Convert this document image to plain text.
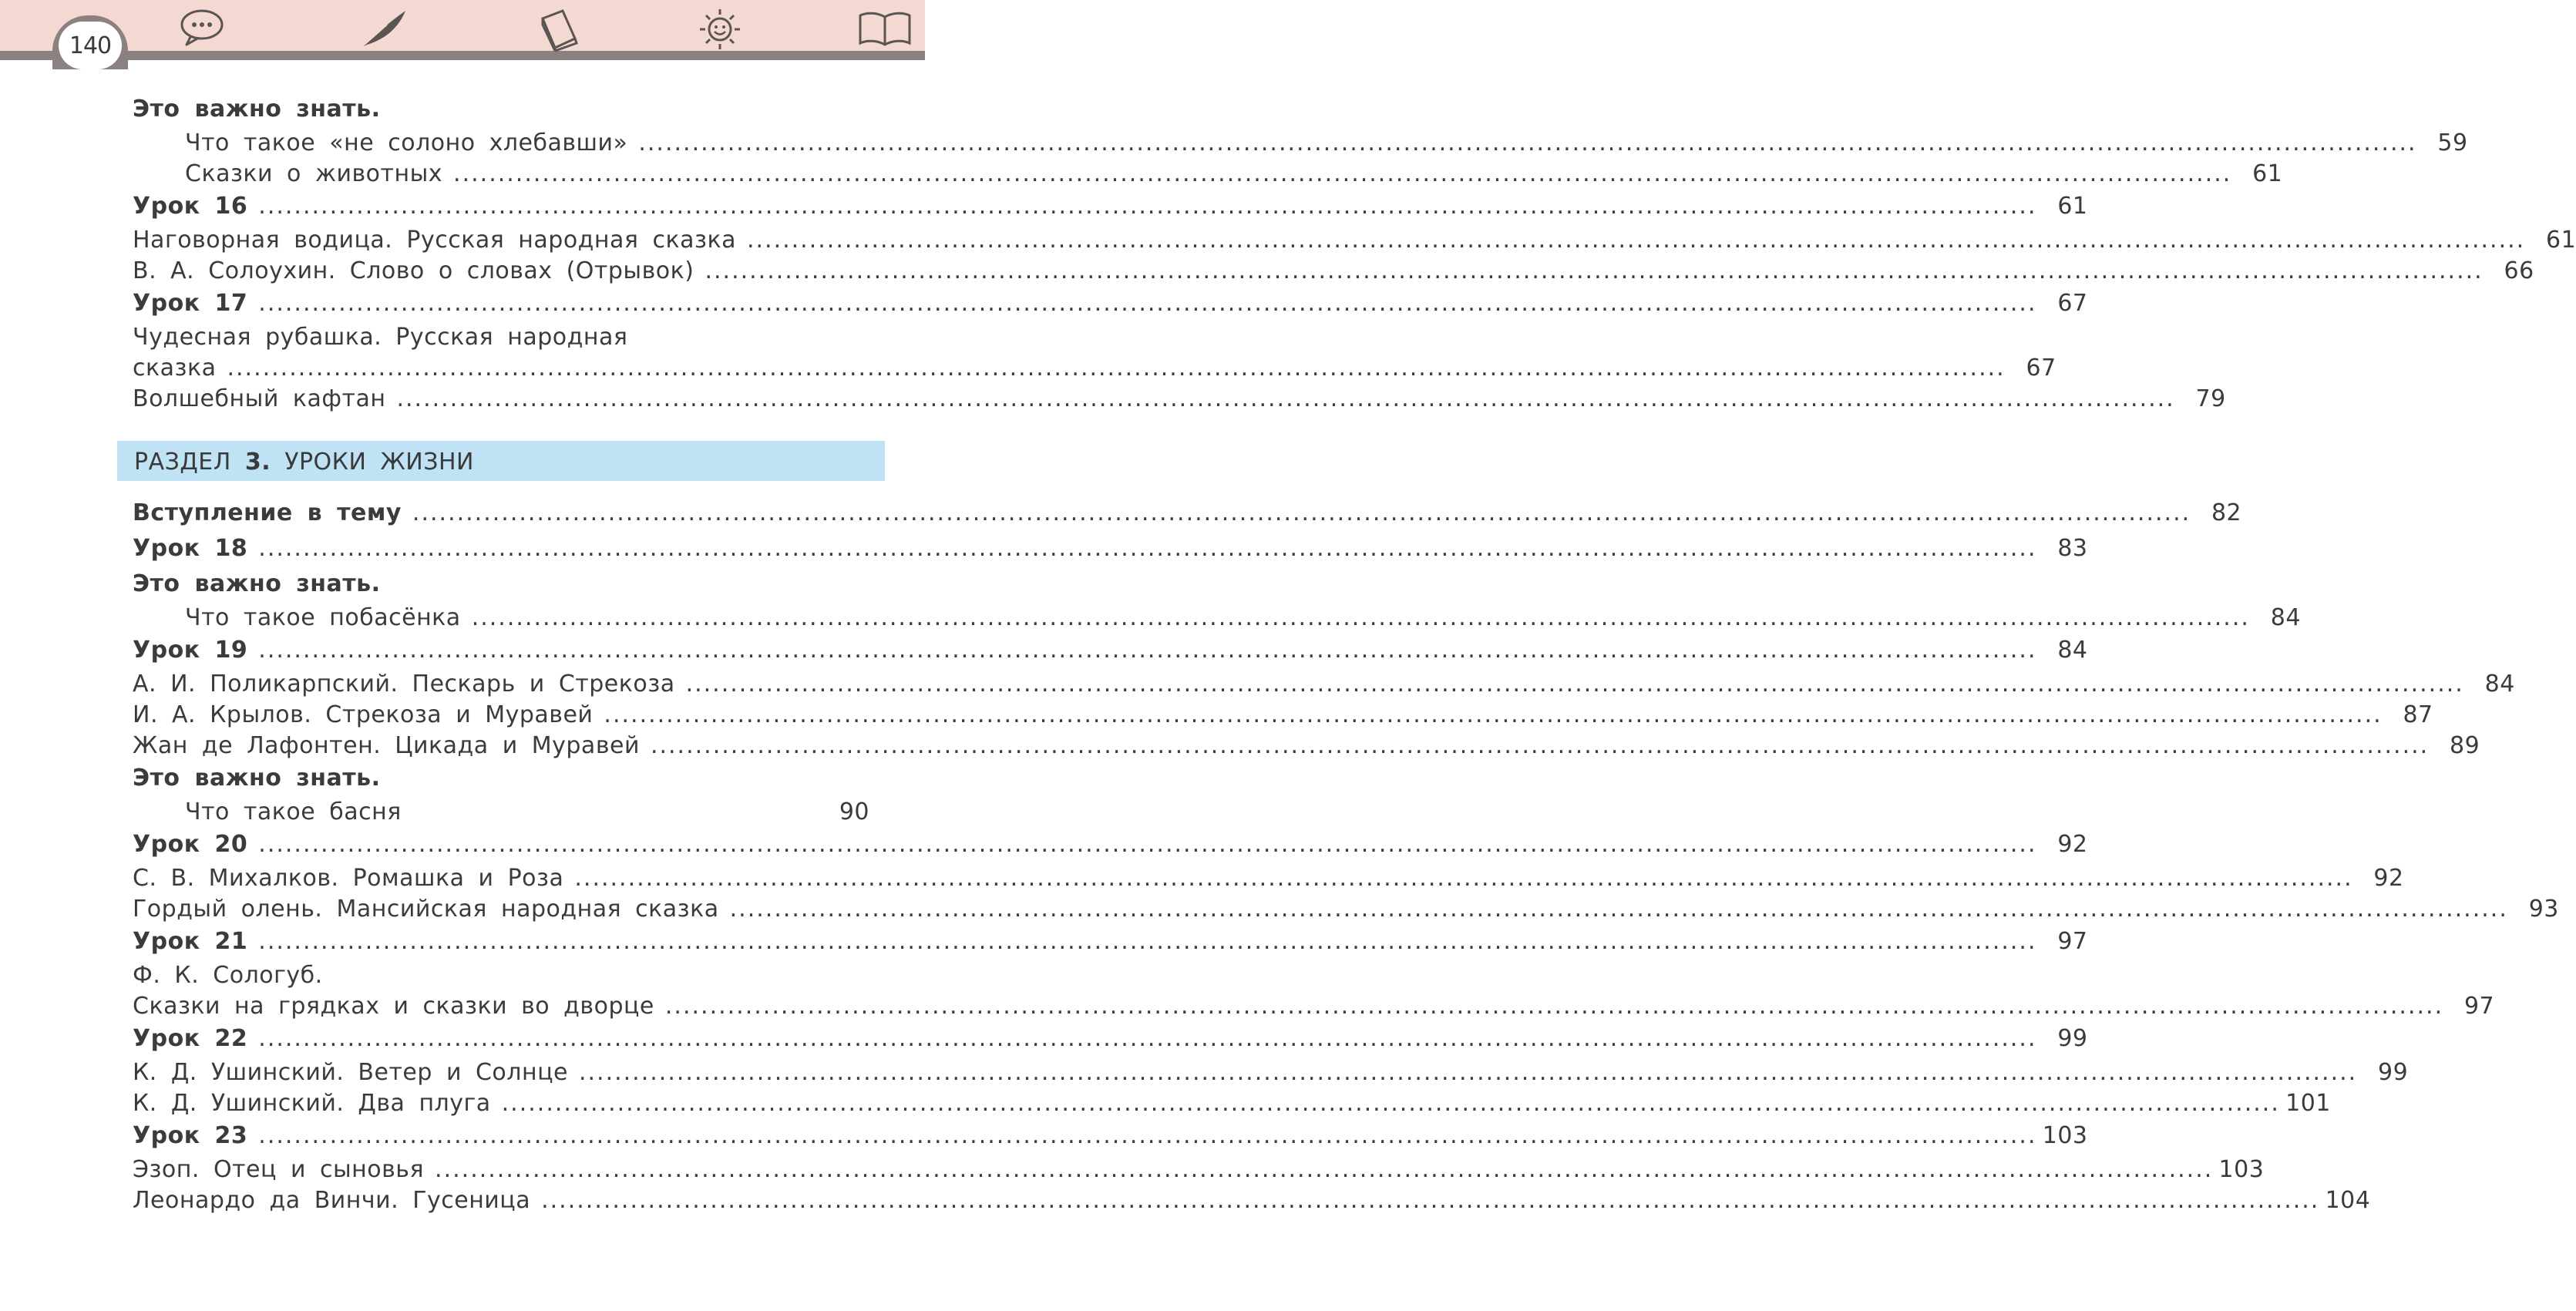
140
Это важно знать.
Что такое «не солоно хлебавши» ........................................................................................................................................................................................................ 59
Сказки о животных ........................................................................................................................................................................................................ 61
Урок 16 ........................................................................................................................................................................................................ 61
Наговорная водица. Русская народная сказка ........................................................................................................................................................................................................ 61
В. А. Солоухин. Слово о словах (Отрывок) ........................................................................................................................................................................................................ 66
Урок 17 ........................................................................................................................................................................................................ 67
Чудесная рубашка. Русская народная
сказка ........................................................................................................................................................................................................ 67
Волшебный кафтан ........................................................................................................................................................................................................ 79
РАЗДЕЛ 3. УРОКИ ЖИЗНИ
Вступление в тему ........................................................................................................................................................................................................ 82
Урок 18 ........................................................................................................................................................................................................ 83
Это важно знать.
Что такое побасёнка ........................................................................................................................................................................................................ 84
Урок 19 ........................................................................................................................................................................................................ 84
А. И. Поликарпский. Пескарь и Стрекоза ........................................................................................................................................................................................................ 84
И. А. Крылов. Стрекоза и Муравей ........................................................................................................................................................................................................ 87
Жан де Лафонтен. Цикада и Муравей ........................................................................................................................................................................................................ 89
Это важно знать.
Что такое басня	90
Урок 20 ........................................................................................................................................................................................................ 92
С. В. Михалков. Ромашка и Роза ........................................................................................................................................................................................................ 92
Гордый олень. Мансийская народная сказка ........................................................................................................................................................................................................ 93
Урок 21 ........................................................................................................................................................................................................ 97
Ф. К. Сологуб.
Сказки на грядках и сказки во дворце ........................................................................................................................................................................................................ 97
Урок 22 ........................................................................................................................................................................................................ 99
К. Д. Ушинский. Ветер и Солнце ........................................................................................................................................................................................................ 99
К. Д. Ушинский. Два плуга ........................................................................................................................................................................................................ 101
Урок 23 ........................................................................................................................................................................................................ 103
Эзоп. Отец и сыновья ........................................................................................................................................................................................................ 103
Леонардо да Винчи. Гусеница ........................................................................................................................................................................................................ 104
